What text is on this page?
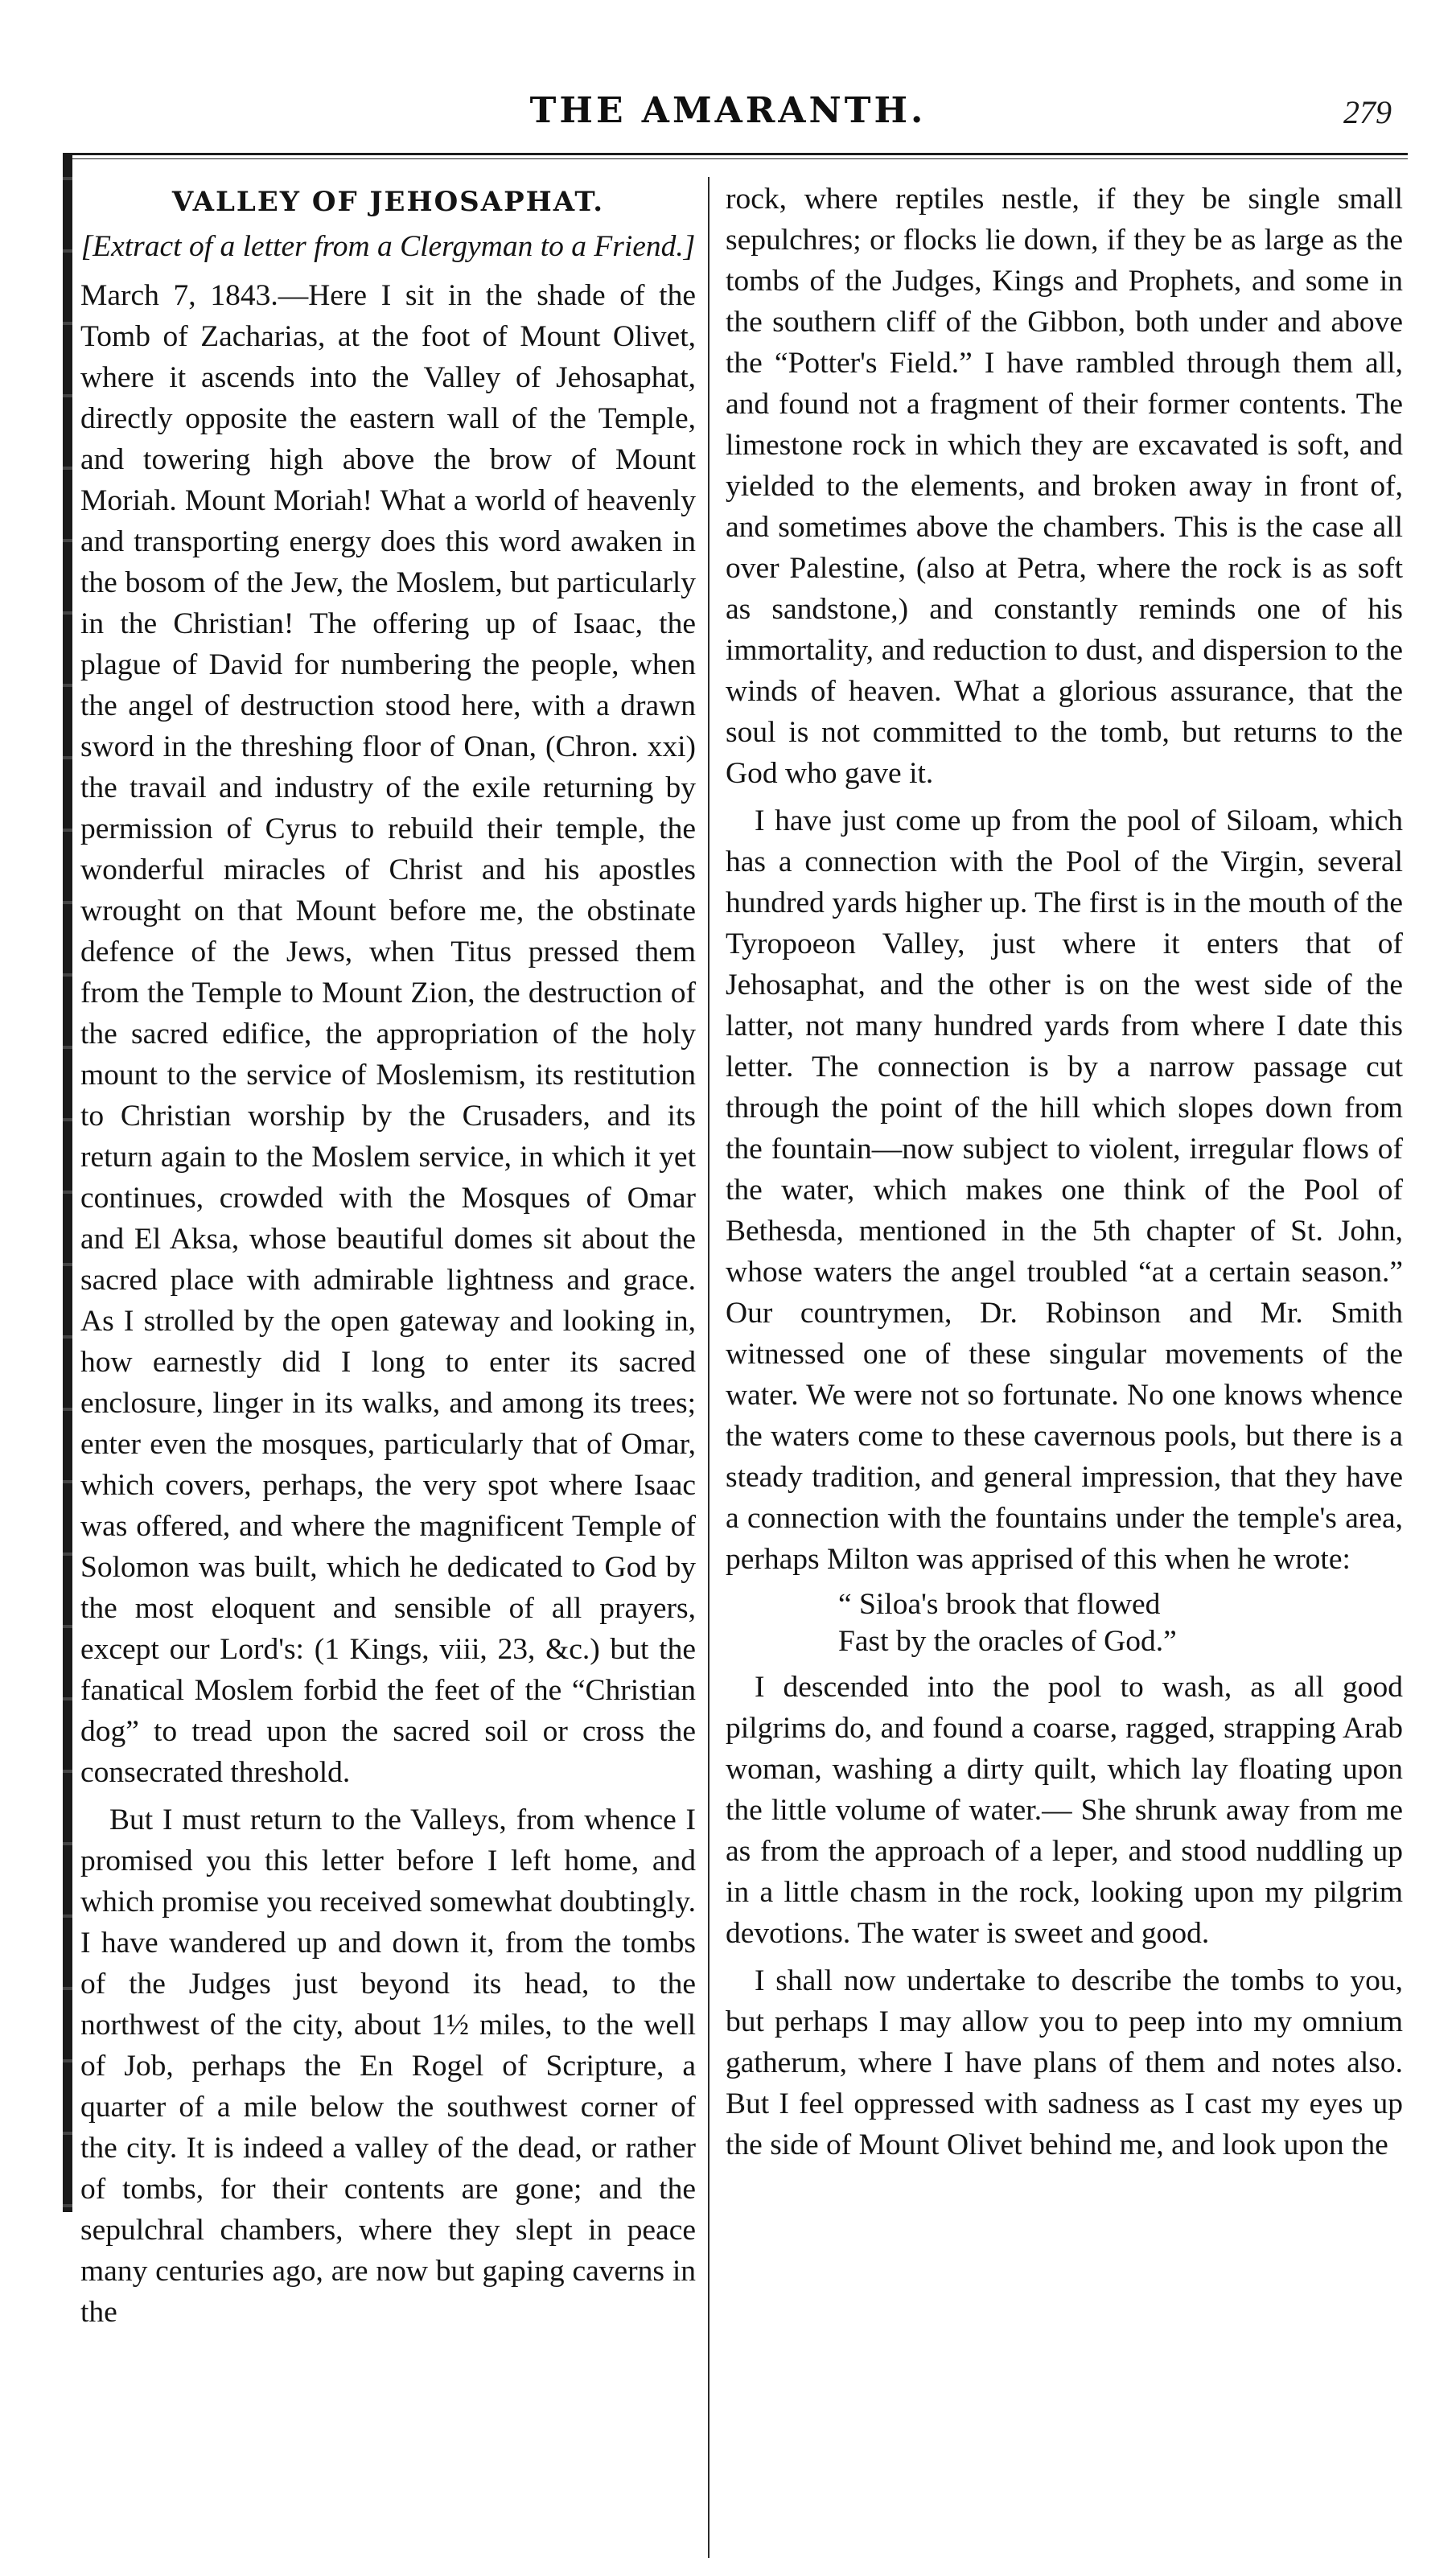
THE AMARANTH.	279
VALLEY OF JEHOSAPHAT.

[Extract of a letter from a Clergyman to a Friend.]

March 7, 1843.—Here I sit in the shade of the Tomb of Zacharias, at the foot of Mount Olivet, where it ascends into the Valley of Jehosaphat, directly opposite the eastern wall of the Temple, and towering high above the brow of Mount Moriah. Mount Moriah! What a world of heavenly and transporting energy does this word awaken in the bosom of the Jew, the Moslem, but particularly in the Christian! The offering up of Isaac, the plague of David for numbering the people, when the angel of destruction stood here, with a drawn sword in the threshing floor of Onan, (Chron. xxi) the travail and industry of the exile returning by permission of Cyrus to rebuild their temple, the wonderful miracles of Christ and his apostles wrought on that Mount before me, the obstinate defence of the Jews, when Titus pressed them from the Temple to Mount Zion, the destruction of the sacred edifice, the appropriation of the holy mount to the service of Moslemism, its restitution to Christian worship by the Crusaders, and its return again to the Moslem service, in which it yet continues, crowded with the Mosques of Omar and El Aksa, whose beautiful domes sit about the sacred place with admirable lightness and grace. As I strolled by the open gateway and looking in, how earnestly did I long to enter its sacred enclosure, linger in its walks, and among its trees; enter even the mosques, particularly that of Omar, which covers, perhaps, the very spot where Isaac was offered, and where the magnificent Temple of Solomon was built, which he dedicated to God by the most eloquent and sensible of all prayers, except our Lord's: (1 Kings, viii, 23, &c.) but the fanatical Moslem forbid the feet of the “Christian dog” to tread upon the sacred soil or cross the consecrated threshold.

But I must return to the Valleys, from whence I promised you this letter before I left home, and which promise you received somewhat doubtingly. I have wandered up and down it, from the tombs of the Judges just beyond its head, to the northwest of the city, about 1½ miles, to the well of Job, perhaps the En Rogel of Scripture, a quarter of a mile below the southwest corner of the city. It is indeed a valley of the dead, or rather of tombs, for their contents are gone; and the sepulchral chambers, where they slept in peace many centuries ago, are now but gaping caverns in the

rock, where reptiles nestle, if they be single small sepulchres; or flocks lie down, if they be as large as the tombs of the Judges, Kings and Prophets, and some in the southern cliff of the Gibbon, both under and above the “Potter's Field.” I have rambled through them all, and found not a fragment of their former contents. The limestone rock in which they are excavated is soft, and yielded to the elements, and broken away in front of, and sometimes above the chambers. This is the case all over Palestine, (also at Petra, where the rock is as soft as sandstone,) and constantly reminds one of his immortality, and reduction to dust, and dispersion to the winds of heaven. What a glorious assurance, that the soul is not committed to the tomb, but returns to the God who gave it.

I have just come up from the pool of Siloam, which has a connection with the Pool of the Virgin, several hundred yards higher up. The first is in the mouth of the Tyropoeon Valley, just where it enters that of Jehosaphat, and the other is on the west side of the latter, not many hundred yards from where I date this letter. The connection is by a narrow passage cut through the point of the hill which slopes down from the fountain—now subject to violent, irregular flows of the water, which makes one think of the Pool of Bethesda, mentioned in the 5th chapter of St. John, whose waters the angel troubled “at a certain season.” Our countrymen, Dr. Robinson and Mr. Smith witnessed one of these singular movements of the water. We were not so fortunate. No one knows whence the waters come to these cavernous pools, but there is a steady tradition, and general impression, that they have a connection with the fountains under the temple's area, perhaps Milton was apprised of this when he wrote:

“ Siloa's brook that flowed
Fast by the oracles of God.”

I descended into the pool to wash, as all good pilgrims do, and found a coarse, ragged, strapping Arab woman, washing a dirty quilt, which lay floating upon the little volume of water.— She shrunk away from me as from the approach of a leper, and stood nuddling up in a little chasm in the rock, looking upon my pilgrim devotions. The water is sweet and good.

I shall now undertake to describe the tombs to you, but perhaps I may allow you to peep into my omnium gatherum, where I have plans of them and notes also. But I feel oppressed with sadness as I cast my eyes up the side of Mount Olivet behind me, and look upon the
